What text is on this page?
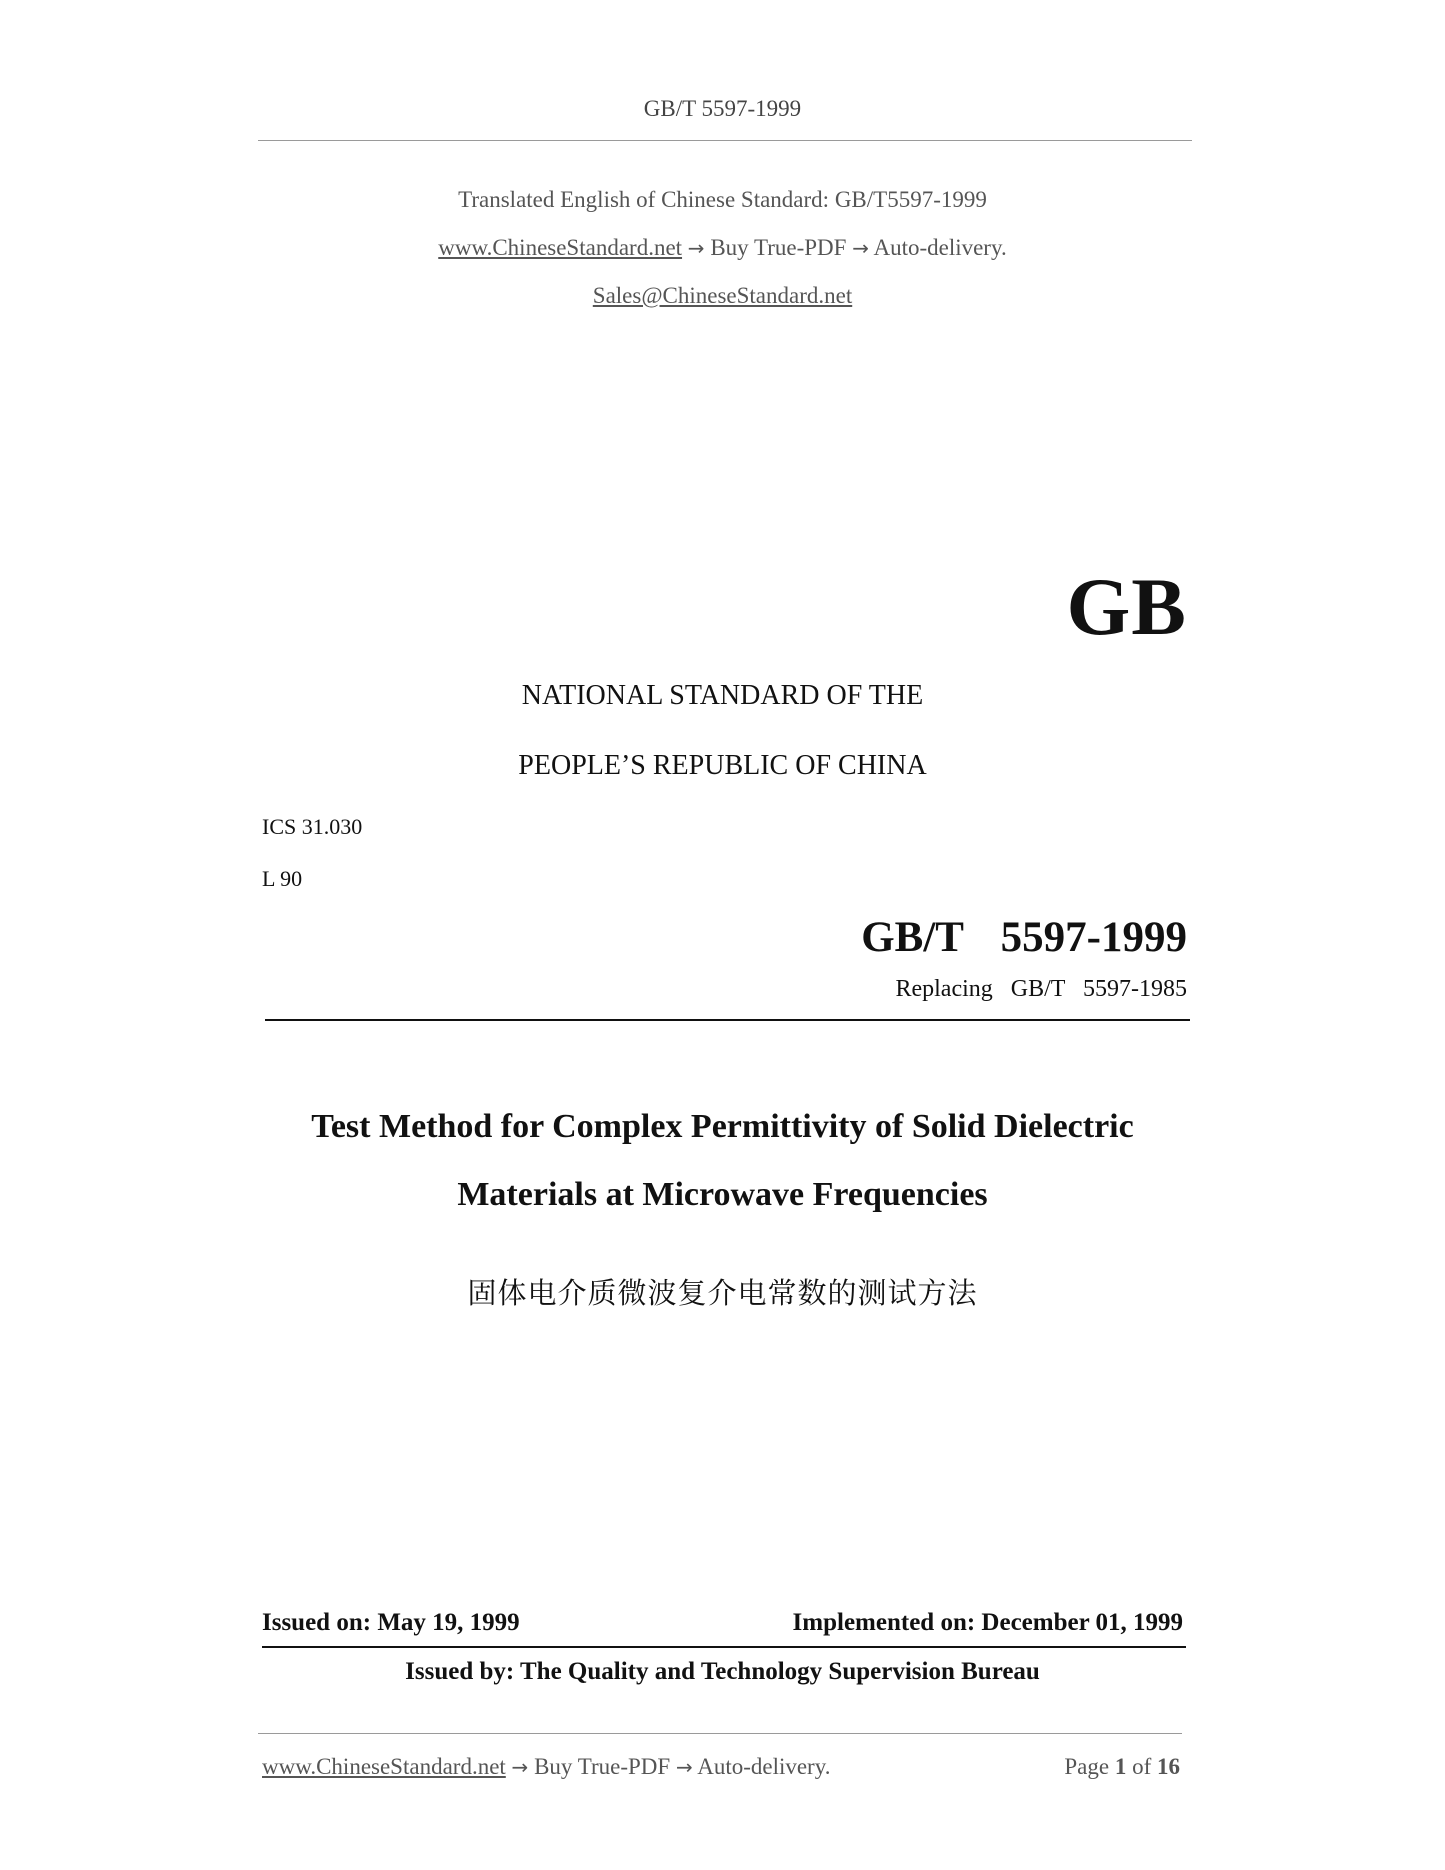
GB/T 5597-1999
Translated English of Chinese Standard: GB/T5597-1999
www.ChineseStandard.net → Buy True-PDF → Auto-delivery.
Sales@ChineseStandard.net
GB
NATIONAL STANDARD OF THE
PEOPLE’S REPUBLIC OF CHINA
ICS 31.030
L 90
GB/T  5597-1999
Replacing  GB/T  5597-1985
Test Method for Complex Permittivity of Solid Dielectric
Materials at Microwave Frequencies
固体电介质微波复介电常数的测试方法
Issued on: May 19, 1999	Implemented on: December 01, 1999
Issued by: The Quality and Technology Supervision Bureau
www.ChineseStandard.net → Buy True-PDF → Auto-delivery.	Page 1 of 16
